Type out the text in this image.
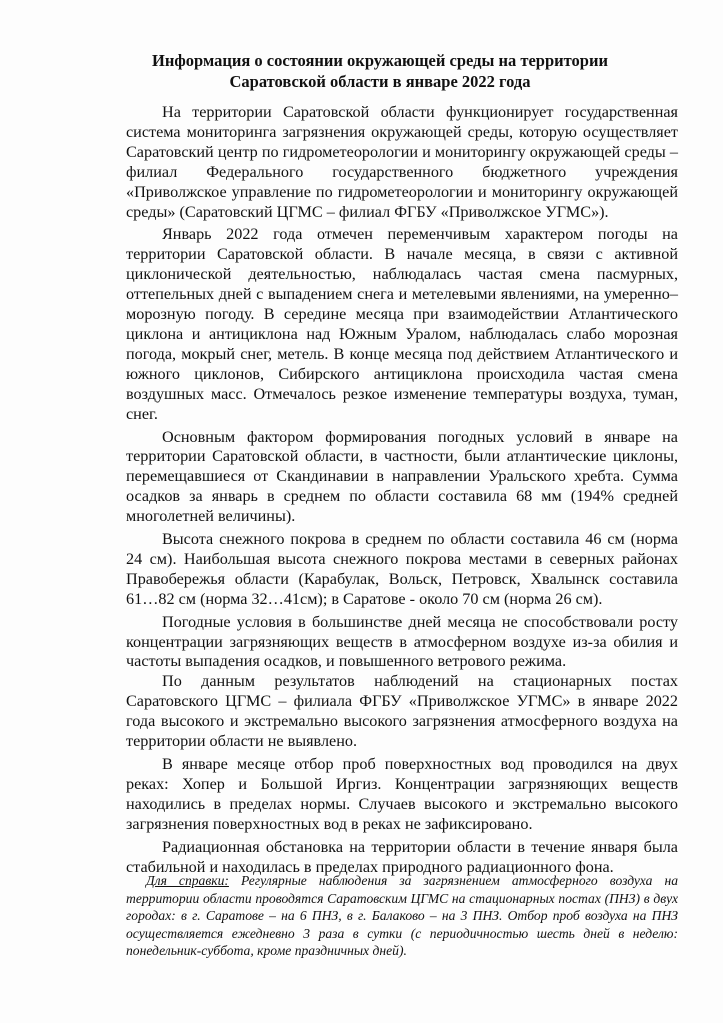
Информация о состоянии окружающей среды на территории
Саратовской области в январе 2022 года

На территории Саратовской области функционирует государственная система мониторинга загрязнения окружающей среды, которую осуществляет Саратовский центр по гидрометеорологии и мониторингу окружающей среды – филиал Федерального государственного бюджетного учреждения «Приволжское управление по гидрометеорологии и мониторингу окружающей среды» (Саратовский ЦГМС – филиал ФГБУ «Приволжское УГМС»).

Январь 2022 года отмечен переменчивым характером погоды на территории Саратовской области. В начале месяца, в связи с активной циклонической деятельностью, наблюдалась частая смена пасмурных, оттепельных дней с выпадением снега и метелевыми явлениями, на умеренно–морозную погоду. В середине месяца при взаимодействии Атлантического циклона и антициклона над Южным Уралом, наблюдалась слабо морозная погода, мокрый снег, метель. В конце месяца под действием Атлантического и южного циклонов, Сибирского антициклона происходила частая смена воздушных масс. Отмечалось резкое изменение температуры воздуха, туман, снег.

Основным фактором формирования погодных условий в январе на территории Саратовской области, в частности, были атлантические циклоны, перемещавшиеся от Скандинавии в направлении Уральского хребта. Сумма осадков за январь в среднем по области составила 68 мм (194% средней многолетней величины).

Высота снежного покрова в среднем по области составила 46 см (норма 24 см). Наибольшая высота снежного покрова местами в северных районах Правобережья области (Карабулак, Вольск, Петровск, Хвалынск составила 61…82 см (норма 32…41см); в Саратове - около 70 см (норма 26 см).

Погодные условия в большинстве дней месяца не способствовали росту концентрации загрязняющих веществ в атмосферном воздухе из-за обилия и частоты выпадения осадков, и повышенного ветрового режима.

По данным результатов наблюдений на стационарных постах Саратовского ЦГМС – филиала ФГБУ «Приволжское УГМС» в январе 2022 года высокого и экстремально высокого загрязнения атмосферного воздуха на территории области не выявлено.

В январе месяце отбор проб поверхностных вод проводился на двух реках: Хопер и Большой Иргиз. Концентрации загрязняющих веществ находились в пределах нормы. Случаев высокого и экстремально высокого загрязнения поверхностных вод в реках не зафиксировано.

Радиационная обстановка на территории области в течение января была стабильной и находилась в пределах природного радиационного фона.

Для справки: Регулярные наблюдения за загрязнением атмосферного воздуха на территории области проводятся Саратовским ЦГМС на стационарных постах (ПНЗ) в двух городах: в г. Саратове – на 6 ПНЗ, в г. Балаково – на 3 ПНЗ. Отбор проб воздуха на ПНЗ осуществляется ежедневно 3 раза в сутки (с периодичностью шесть дней в неделю: понедельник-суббота, кроме праздничных дней).
